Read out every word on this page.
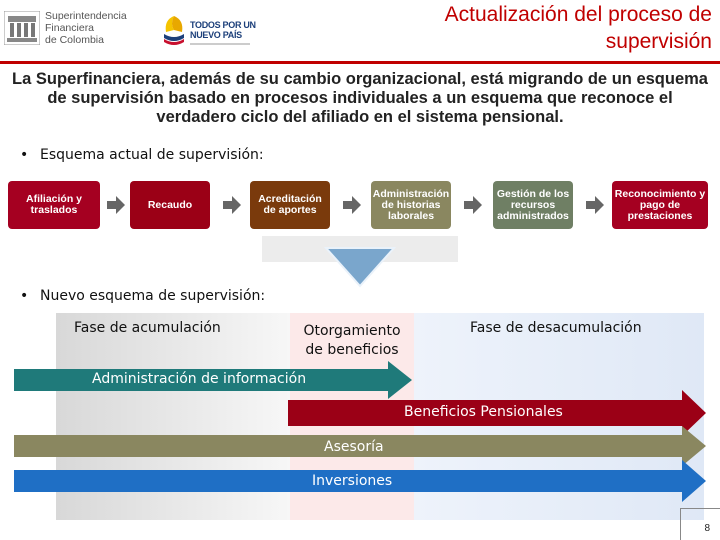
Superintendencia
Financiera
de Colombia
TODOS POR UN
NUEVO PAÍS
Actualización del proceso de
supervisión
La Superfinanciera, además de su cambio organizacional, está migrando de un esquema de supervisión basado en procesos individuales a un esquema que reconoce el verdadero ciclo del afiliado en el sistema pensional.
• Esquema actual de supervisión:
Afiliación y traslados	Recaudo	Acreditación de aportes
Administración de historias laborales
Gestión de los recursos administrados
Reconocimiento y pago de prestaciones
• Nuevo esquema de supervisión:
Fase de acumulación	Otorgamiento
de beneficios
Fase de desacumulación
Administración de información
Beneficios Pensionales
Asesoría
Inversiones
8
